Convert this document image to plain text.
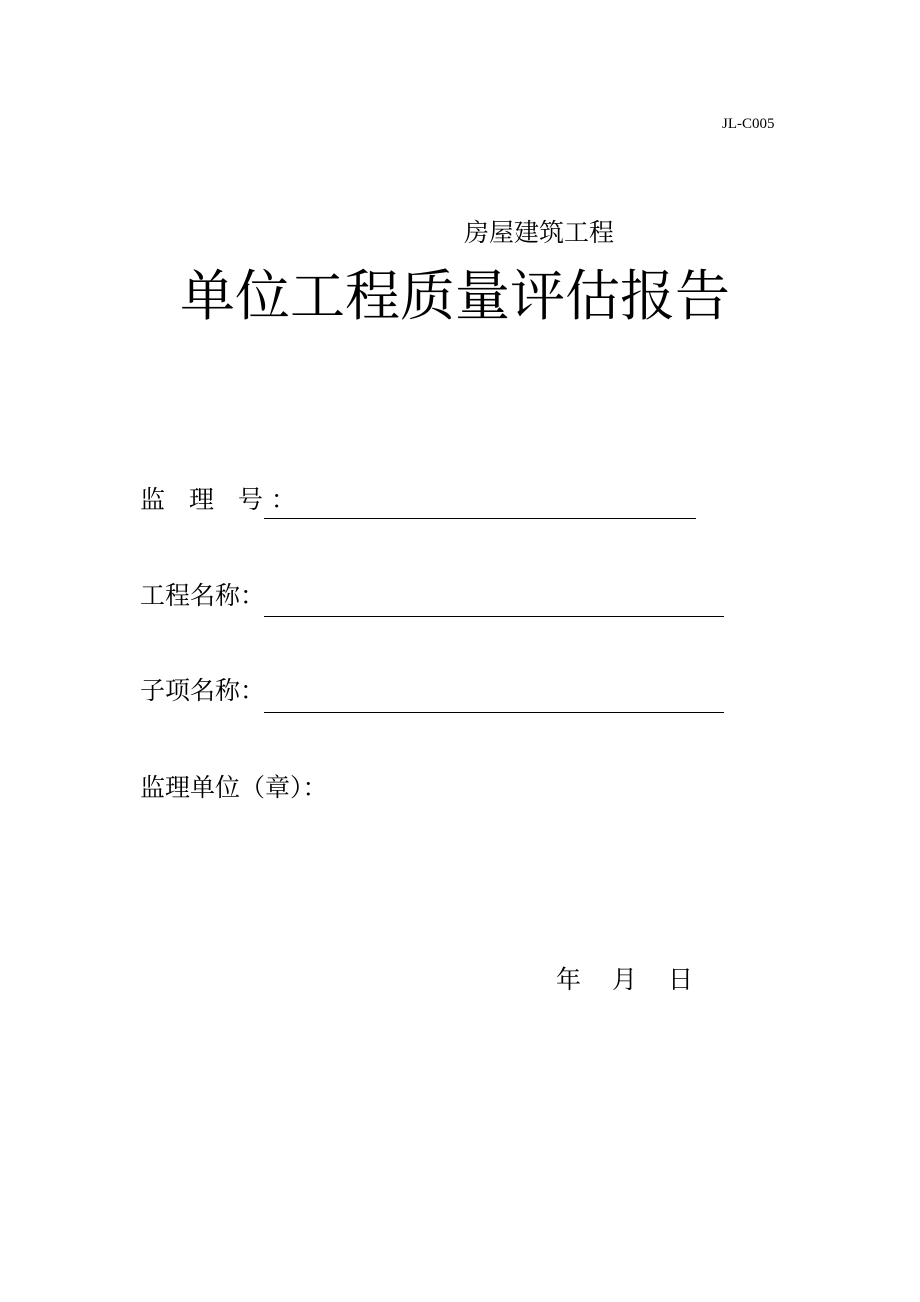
JL-C005
房屋建筑工程
单位工程质量评估报告
监 理 号：
工程名称：
子项名称：
监理单位（章）：
年 月 日
